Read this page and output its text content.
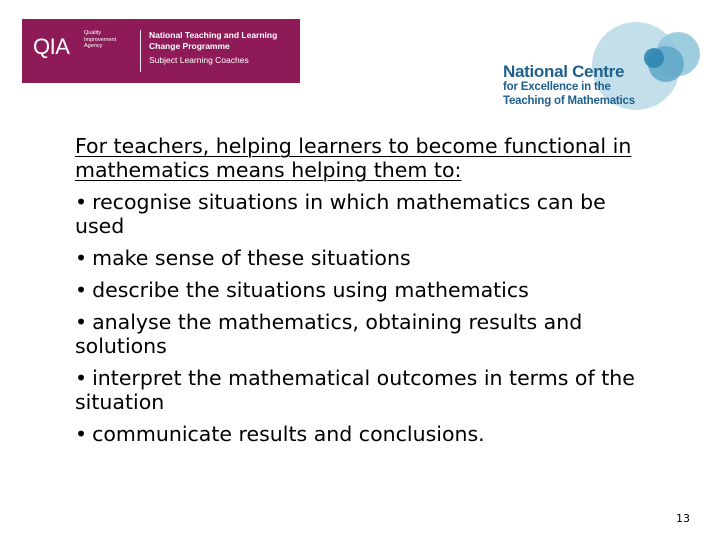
QIA
Quality
Improvement
Agency
National Teaching and Learning
Change Programme
Subject Learning Coaches
National Centre
for Excellence in the
Teaching of Mathematics

For teachers, helping learners to become functional in mathematics means helping them to:

• recognise situations in which mathematics can be used
• make sense of these situations
• describe the situations using mathematics
• analyse the mathematics, obtaining results and solutions
• interpret the mathematical outcomes in terms of the situation
• communicate results and conclusions.
13
